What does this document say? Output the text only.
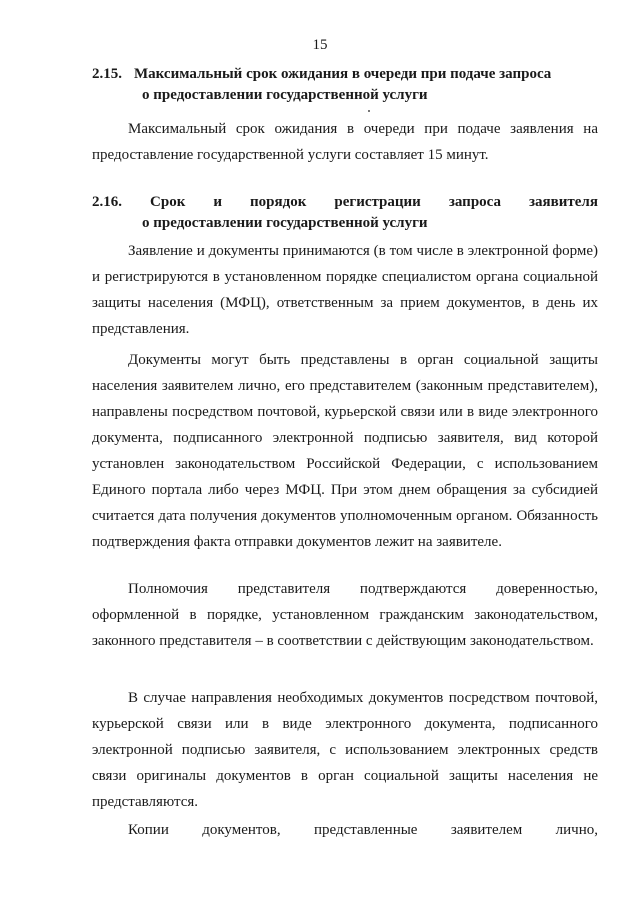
15
2.15. Максимальный срок ожидания в очереди при подаче запроса
о предоставлении государственной услуги

Максимальный срок ожидания в очереди при подаче заявления на предоставление государственной услуги составляет 15 минут.

2.16. Срок и порядок регистрации запроса заявителя
о предоставлении государственной услуги

Заявление и документы принимаются (в том числе в электронной форме) и регистрируются в установленном порядке специалистом органа социальной защиты населения (МФЦ), ответственным за прием документов, в день их представления.

Документы могут быть представлены в орган социальной защиты населения заявителем лично, его представителем (законным представителем), направлены посредством почтовой, курьерской связи или в виде электронного документа, подписанного электронной подписью заявителя, вид которой установлен законодательством Российской Федерации, с использованием Единого портала либо через МФЦ. При этом днем обращения за субсидией считается дата получения документов уполномоченным органом. Обязанность подтверждения факта отправки документов лежит на заявителе.

Полномочия представителя подтверждаются доверенностью, оформленной в порядке, установленном гражданским законодательством, законного представителя – в соответствии с действующим законодательством.

В случае направления необходимых документов посредством почтовой, курьерской связи или в виде электронного документа, подписанного электронной подписью заявителя, с использованием электронных средств связи оригиналы документов в орган социальной защиты населения не представляются.

Копии документов, представленные заявителем лично,
